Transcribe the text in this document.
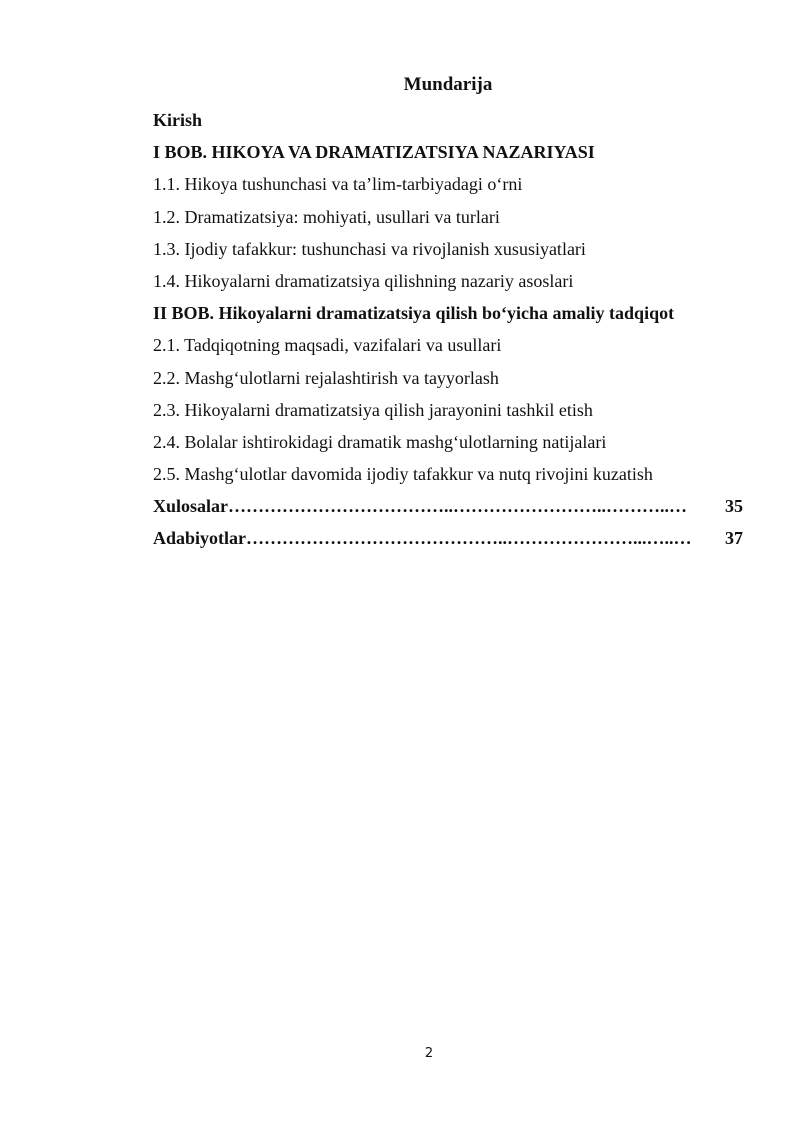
Mundarija
Kirish
I BOB. HIKOYA VA DRAMATIZATSIYA NAZARIYASI
1.1. Hikoya tushunchasi va ta’lim-tarbiyadagi o‘rni
1.2. Dramatizatsiya: mohiyati, usullari va turlari
1.3. Ijodiy tafakkur: tushunchasi va rivojlanish xususiyatlari
1.4. Hikoyalarni dramatizatsiya qilishning nazariy asoslari
II BOB. Hikoyalarni dramatizatsiya qilish bo‘yicha amaliy tadqiqot
2.1. Tadqiqotning maqsadi, vazifalari va usullari
2.2. Mashg‘ulotlarni rejalashtirish va tayyorlash
2.3. Hikoyalarni dramatizatsiya qilish jarayonini tashkil etish
2.4. Bolalar ishtirokidagi dramatik mashg‘ulotlarning natijalari
2.5. Mashg‘ulotlar davomida ijodiy tafakkur va nutq rivojini kuzatish
Xulosalar ………………………………..……………………..………..…	35
Adabiyotlar ……………………………………..…………………...…..…	37
2
